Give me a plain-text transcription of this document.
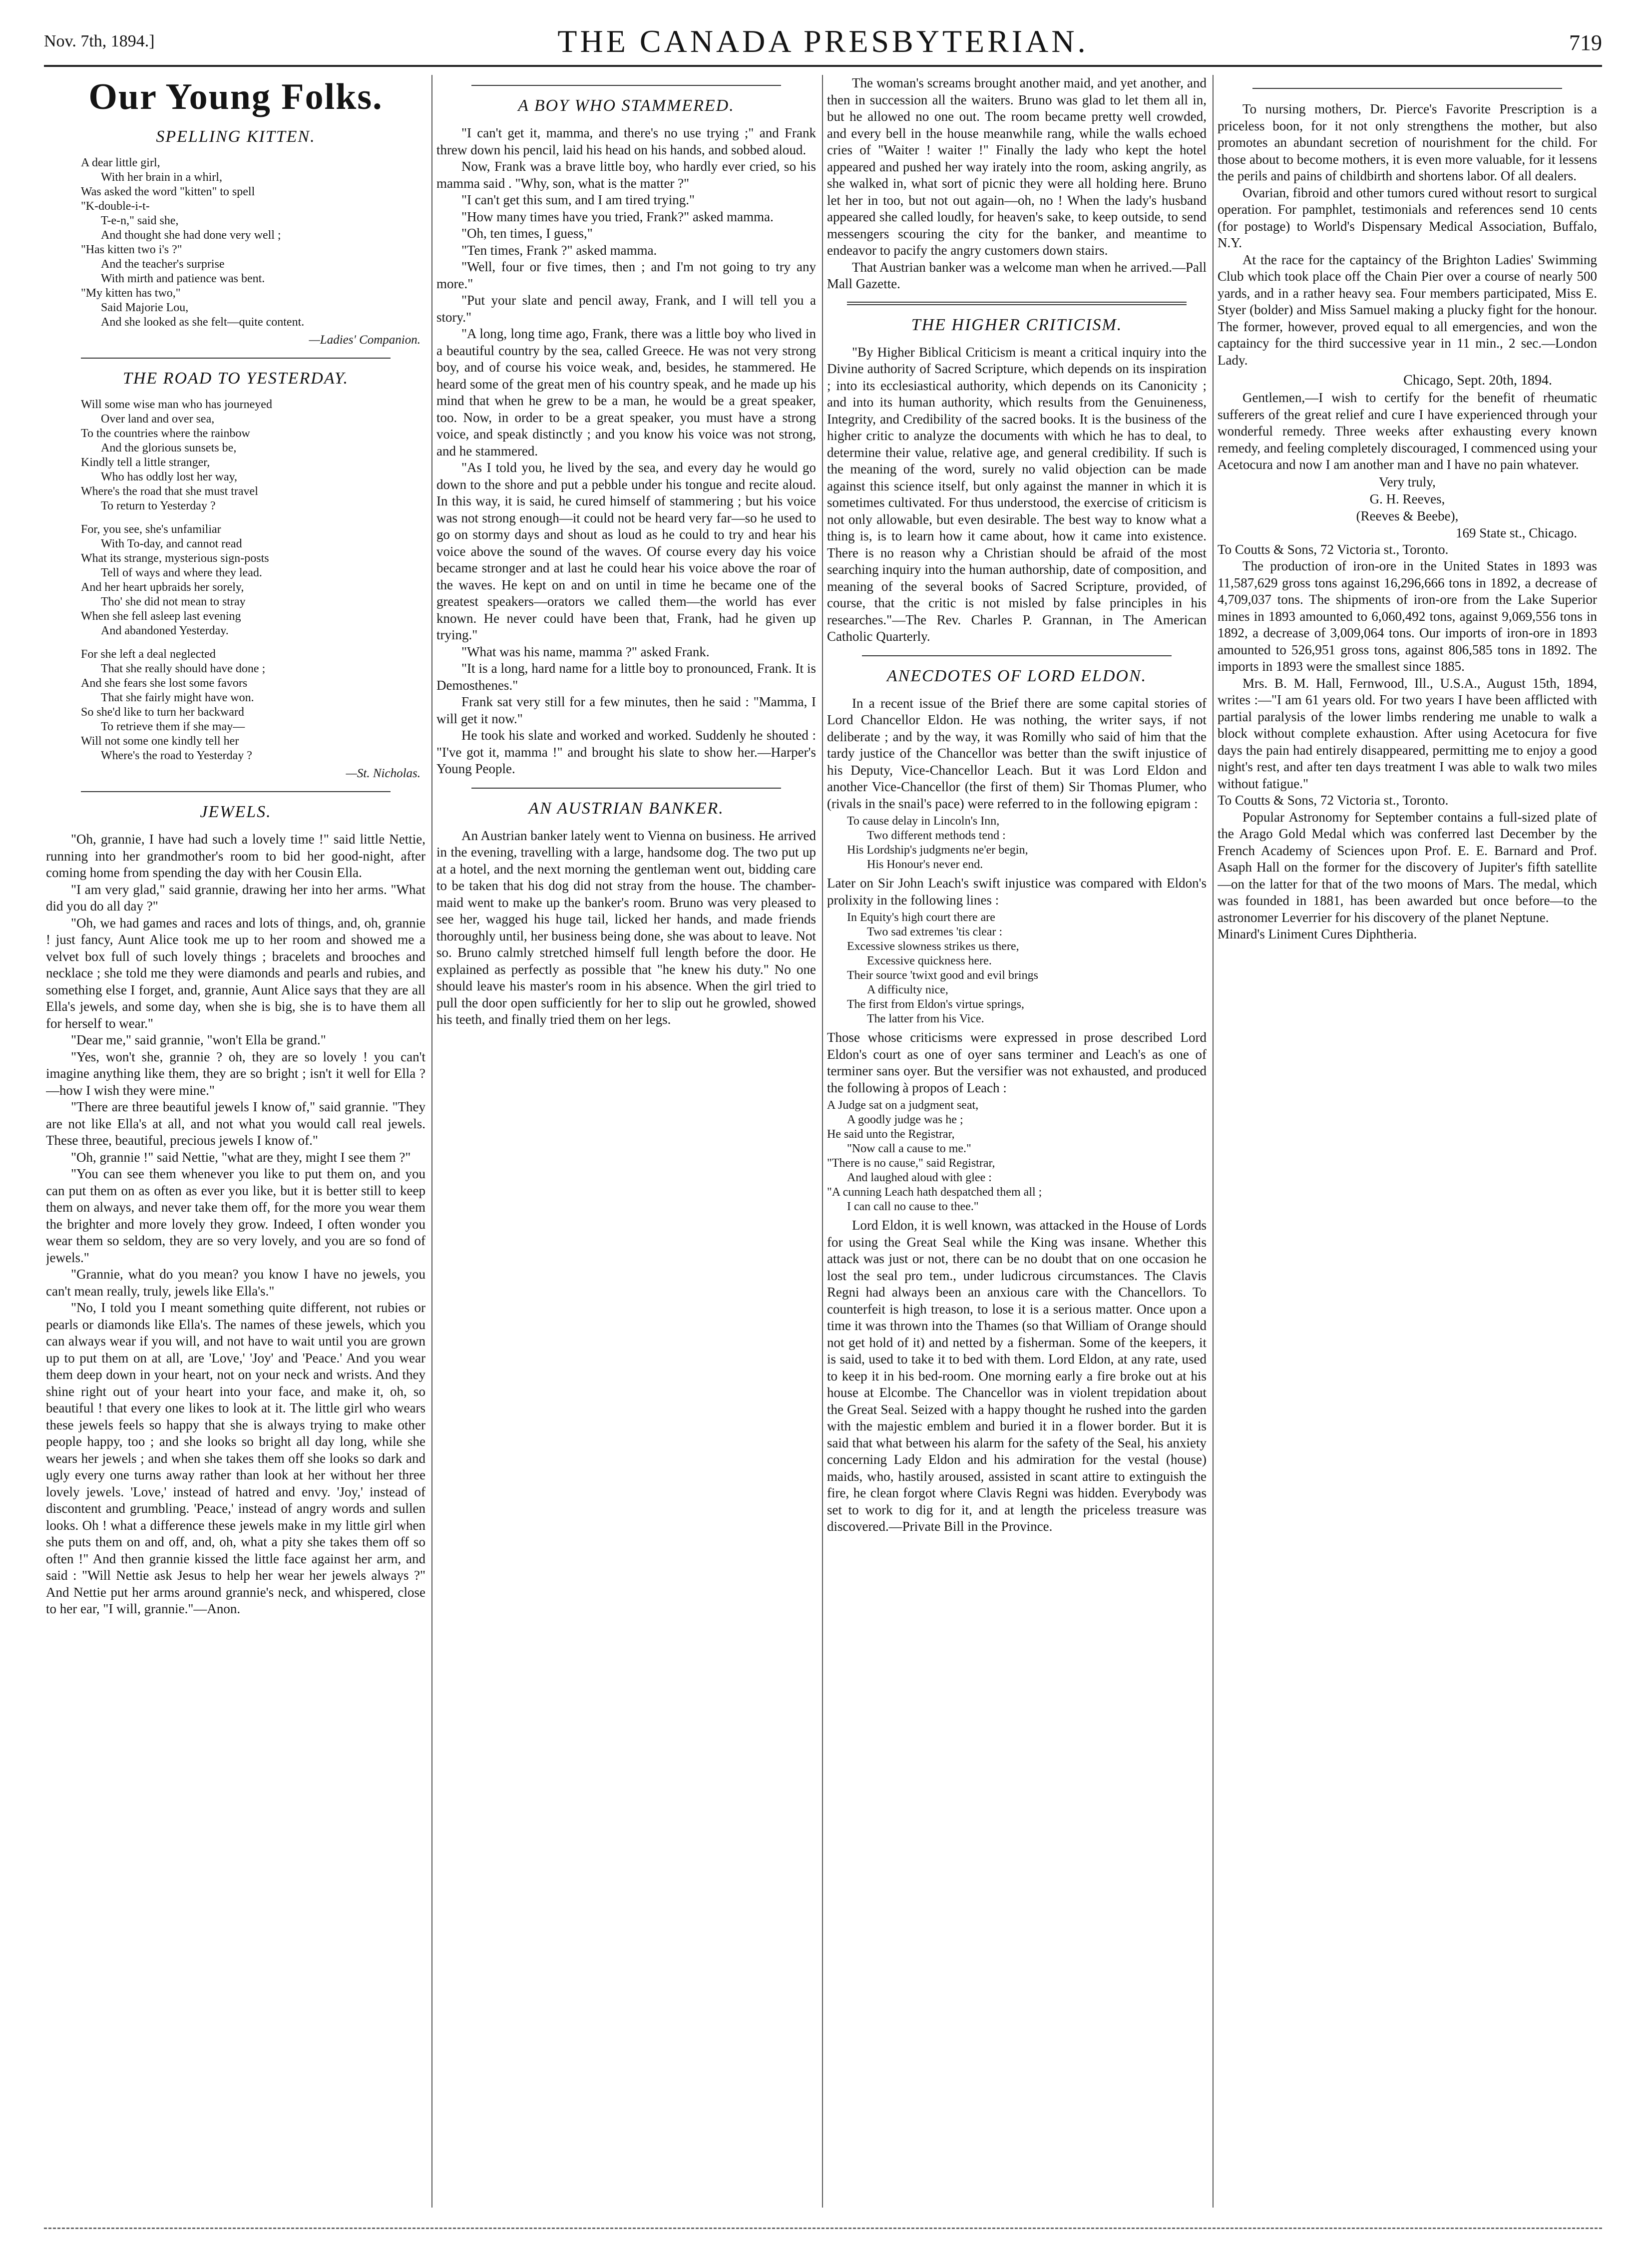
Nov. 7th, 1894.]	THE CANADA PRESBYTERIAN.	719
Our Young Folks.
SPELLING KITTEN.
A dear little girl,
With her brain in a whirl,
Was asked the word "kitten" to spell
"K-double-i-t-
T-e-n," said she,
And thought she had done very well ;
"Has kitten two i's ?"
And the teacher's surprise
With mirth and patience was bent.
"My kitten has two,"
Said Majorie Lou,
And she looked as she felt—quite content.
—Ladies' Companion.
THE ROAD TO YESTERDAY.
Will some wise man who has journeyed
Over land and over sea,
To the countries where the rainbow
And the glorious sunsets be,
Kindly tell a little stranger,
Who has oddly lost her way,
Where's the road that she must travel
To return to Yesterday ?
For, you see, she's unfamiliar
With To-day, and cannot read
What its strange, mysterious sign-posts
Tell of ways and where they lead.
And her heart upbraids her sorely,
Tho' she did not mean to stray
When she fell asleep last evening
And abandoned Yesterday.
For she left a deal neglected
That she really should have done ;
And she fears she lost some favors
That she fairly might have won.
So she'd like to turn her backward
To retrieve them if she may—
Will not some one kindly tell her
Where's the road to Yesterday ?
—St. Nicholas.
JEWELS.

"Oh, grannie, I have had such a lovely time !" said little Nettie, running into her grandmother's room to bid her good-night, after coming home from spending the day with her Cousin Ella.

"I am very glad," said grannie, drawing her into her arms. "What did you do all day ?"

"Oh, we had games and races and lots of things, and, oh, grannie ! just fancy, Aunt Alice took me up to her room and showed me a velvet box full of such lovely things ; bracelets and brooches and necklace ; she told me they were diamonds and pearls and rubies, and something else I forget, and, grannie, Aunt Alice says that they are all Ella's jewels, and some day, when she is big, she is to have them all for herself to wear."

"Dear me," said grannie, "won't Ella be grand."

"Yes, won't she, grannie ? oh, they are so lovely ! you can't imagine anything like them, they are so bright ; isn't it well for Ella ?—how I wish they were mine."

"There are three beautiful jewels I know of," said grannie. "They are not like Ella's at all, and not what you would call real jewels. These three, beautiful, precious jewels I know of."

"Oh, grannie !" said Nettie, "what are they, might I see them ?"

"You can see them whenever you like to put them on, and you can put them on as often as ever you like, but it is better still to keep them on always, and never take them off, for the more you wear them the brighter and more lovely they grow. Indeed, I often wonder you wear them so seldom, they are so very lovely, and you are so fond of jewels."

"Grannie, what do you mean? you know I have no jewels, you can't mean really, truly, jewels like Ella's."

"No, I told you I meant something quite different, not rubies or pearls or diamonds like Ella's. The names of these jewels, which you can always wear if you will, and not have to wait until you are grown up to put them on at all, are 'Love,' 'Joy' and 'Peace.' And you wear them deep down in your heart, not on your neck and wrists. And they shine right out of your heart into your face, and make it, oh, so beautiful ! that every one likes to look at it. The little girl who wears these jewels feels so happy that she is always trying to make other people happy, too ; and she looks so bright all day long, while she wears her jewels ; and when she takes them off she looks so dark and ugly every one turns away rather than look at her without her three lovely jewels. 'Love,' instead of hatred and envy. 'Joy,' instead of discontent and grumbling. 'Peace,' instead of angry words and sullen looks. Oh ! what a difference these jewels make in my little girl when she puts them on and off, and, oh, what a pity she takes them off so often !" And then grannie kissed the little face against her arm, and said : "Will Nettie ask Jesus to help her wear her jewels always ?" And Nettie put her arms around grannie's neck, and whispered, close to her ear, "I will, grannie."—Anon.

A BOY WHO STAMMERED.

"I can't get it, mamma, and there's no use trying ;" and Frank threw down his pencil, laid his head on his hands, and sobbed aloud.

Now, Frank was a brave little boy, who hardly ever cried, so his mamma said . "Why, son, what is the matter ?"

"I can't get this sum, and I am tired trying."

"How many times have you tried, Frank?" asked mamma.

"Oh, ten times, I guess,"

"Ten times, Frank ?" asked mamma.

"Well, four or five times, then ; and I'm not going to try any more."

"Put your slate and pencil away, Frank, and I will tell you a story."

"A long, long time ago, Frank, there was a little boy who lived in a beautiful country by the sea, called Greece. He was not very strong boy, and of course his voice weak, and, besides, he stammered. He heard some of the great men of his country speak, and he made up his mind that when he grew to be a man, he would be a great speaker, too. Now, in order to be a great speaker, you must have a strong voice, and speak distinctly ; and you know his voice was not strong, and he stammered.

"As I told you, he lived by the sea, and every day he would go down to the shore and put a pebble under his tongue and recite aloud. In this way, it is said, he cured himself of stammering ; but his voice was not strong enough—it could not be heard very far—so he used to go on stormy days and shout as loud as he could to try and hear his voice above the sound of the waves. Of course every day his voice became stronger and at last he could hear his voice above the roar of the waves. He kept on and on until in time he became one of the greatest speakers—orators we called them—the world has ever known. He never could have been that, Frank, had he given up trying."

"What was his name, mamma ?" asked Frank.

"It is a long, hard name for a little boy to pronounced, Frank. It is Demosthenes."

Frank sat very still for a few minutes, then he said : "Mamma, I will get it now."

He took his slate and worked and worked. Suddenly he shouted : "I've got it, mamma !" and brought his slate to show her.—Harper's Young People.

AN AUSTRIAN BANKER.

An Austrian banker lately went to Vienna on business. He arrived in the evening, travelling with a large, handsome dog. The two put up at a hotel, and the next morning the gentleman went out, bidding care to be taken that his dog did not stray from the house. The chamber-maid went to make up the banker's room. Bruno was very pleased to see her, wagged his huge tail, licked her hands, and made friends thoroughly until, her business being done, she was about to leave. Not so. Bruno calmly stretched himself full length before the door. He explained as perfectly as possible that "he knew his duty." No one should leave his master's room in his absence. When the girl tried to pull the door open sufficiently for her to slip out he growled, showed his teeth, and finally tried them on her legs.

The woman's screams brought another maid, and yet another, and then in succession all the waiters. Bruno was glad to let them all in, but he allowed no one out. The room became pretty well crowded, and every bell in the house meanwhile rang, while the walls echoed cries of "Waiter ! waiter !" Finally the lady who kept the hotel appeared and pushed her way irately into the room, asking angrily, as she walked in, what sort of picnic they were all holding here. Bruno let her in too, but not out again—oh, no ! When the lady's husband appeared she called loudly, for heaven's sake, to keep outside, to send messengers scouring the city for the banker, and meantime to endeavor to pacify the angry customers down stairs.

That Austrian banker was a welcome man when he arrived.—Pall Mall Gazette.

THE HIGHER CRITICISM.

"By Higher Biblical Criticism is meant a critical inquiry into the Divine authority of Sacred Scripture, which depends on its inspiration ; into its ecclesiastical authority, which depends on its Canonicity ; and into its human authority, which results from the Genuineness, Integrity, and Credibility of the sacred books. It is the business of the higher critic to analyze the documents with which he has to deal, to determine their value, relative age, and general credibility. If such is the meaning of the word, surely no valid objection can be made against this science itself, but only against the manner in which it is sometimes cultivated. For thus understood, the exercise of criticism is not only allowable, but even desirable. The best way to know what a thing is, is to learn how it came about, how it came into existence. There is no reason why a Christian should be afraid of the most searching inquiry into the human authorship, date of composition, and meaning of the several books of Sacred Scripture, provided, of course, that the critic is not misled by false principles in his researches."—The Rev. Charles P. Grannan, in The American Catholic Quarterly.

ANECDOTES OF LORD ELDON.

In a recent issue of the Brief there are some capital stories of Lord Chancellor Eldon. He was nothing, the writer says, if not deliberate ; and by the way, it was Romilly who said of him that the tardy justice of the Chancellor was better than the swift injustice of his Deputy, Vice-Chancellor Leach. But it was Lord Eldon and another Vice-Chancellor (the first of them) Sir Thomas Plumer, who (rivals in the snail's pace) were referred to in the following epigram :

To cause delay in Lincoln's Inn,
Two different methods tend :
His Lordship's judgments ne'er begin,
His Honour's never end.

Later on Sir John Leach's swift injustice was compared with Eldon's prolixity in the following lines :

In Equity's high court there are
Two sad extremes 'tis clear :
Excessive slowness strikes us there,
Excessive quickness here.
Their source 'twixt good and evil brings
A difficulty nice,
The first from Eldon's virtue springs,
The latter from his Vice.

Those whose criticisms were expressed in prose described Lord Eldon's court as one of oyer sans terminer and Leach's as one of terminer sans oyer. But the versifier was not exhausted, and produced the following à propos of Leach :

A Judge sat on a judgment seat,
A goodly judge was he ;
He said unto the Registrar,
"Now call a cause to me."
"There is no cause," said Registrar,
And laughed aloud with glee :
"A cunning Leach hath despatched them all ;
I can call no cause to thee."

Lord Eldon, it is well known, was attacked in the House of Lords for using the Great Seal while the King was insane. Whether this attack was just or not, there can be no doubt that on one occasion he lost the seal pro tem., under ludicrous circumstances. The Clavis Regni had always been an anxious care with the Chancellors. To counterfeit is high treason, to lose it is a serious matter. Once upon a time it was thrown into the Thames (so that William of Orange should not get hold of it) and netted by a fisherman. Some of the keepers, it is said, used to take it to bed with them. Lord Eldon, at any rate, used to keep it in his bed-room. One morning early a fire broke out at his house at Elcombe. The Chancellor was in violent trepidation about the Great Seal. Seized with a happy thought he rushed into the garden with the majestic emblem and buried it in a flower border. But it is said that what between his alarm for the safety of the Seal, his anxiety concerning Lady Eldon and his admiration for the vestal (house) maids, who, hastily aroused, assisted in scant attire to extinguish the fire, he clean forgot where Clavis Regni was hidden. Everybody was set to work to dig for it, and at length the priceless treasure was discovered.—Private Bill in the Province.

To nursing mothers, Dr. Pierce's Favorite Prescription is a priceless boon, for it not only strengthens the mother, but also promotes an abundant secretion of nourishment for the child. For those about to become mothers, it is even more valuable, for it lessens the perils and pains of childbirth and shortens labor. Of all dealers.

Ovarian, fibroid and other tumors cured without resort to surgical operation. For pamphlet, testimonials and references send 10 cents (for postage) to World's Dispensary Medical Association, Buffalo, N.Y.

At the race for the captaincy of the Brighton Ladies' Swimming Club which took place off the Chain Pier over a course of nearly 500 yards, and in a rather heavy sea. Four members participated, Miss E. Styer (bolder) and Miss Samuel making a plucky fight for the honour. The former, however, proved equal to all emergencies, and won the captaincy for the third successive year in 11 min., 2 sec.—London Lady.

Chicago, Sept. 20th, 1894.

Gentlemen,—I wish to certify for the benefit of rheumatic sufferers of the great relief and cure I have experienced through your wonderful remedy. Three weeks after exhausting every known remedy, and feeling completely discouraged, I commenced using your Acetocura and now I am another man and I have no pain whatever.

Very truly,
G. H. Reeves,
(Reeves & Beebe),
169 State st., Chicago.

To Coutts & Sons, 72 Victoria st., Toronto.

The production of iron-ore in the United States in 1893 was 11,587,629 gross tons against 16,296,666 tons in 1892, a decrease of 4,709,037 tons. The shipments of iron-ore from the Lake Superior mines in 1893 amounted to 6,060,492 tons, against 9,069,556 tons in 1892, a decrease of 3,009,064 tons. Our imports of iron-ore in 1893 amounted to 526,951 gross tons, against 806,585 tons in 1892. The imports in 1893 were the smallest since 1885.

Mrs. B. M. Hall, Fernwood, Ill., U.S.A., August 15th, 1894, writes :—"I am 61 years old. For two years I have been afflicted with partial paralysis of the lower limbs rendering me unable to walk a block without complete exhaustion. After using Acetocura for five days the pain had entirely disappeared, permitting me to enjoy a good night's rest, and after ten days treatment I was able to walk two miles without fatigue."

To Coutts & Sons, 72 Victoria st., Toronto.

Popular Astronomy for September contains a full-sized plate of the Arago Gold Medal which was conferred last December by the French Academy of Sciences upon Prof. E. E. Barnard and Prof. Asaph Hall on the former for the discovery of Jupiter's fifth satellite—on the latter for that of the two moons of Mars. The medal, which was founded in 1881, has been awarded but once before—to the astronomer Leverrier for his discovery of the planet Neptune.

Minard's Liniment Cures Diphtheria.
